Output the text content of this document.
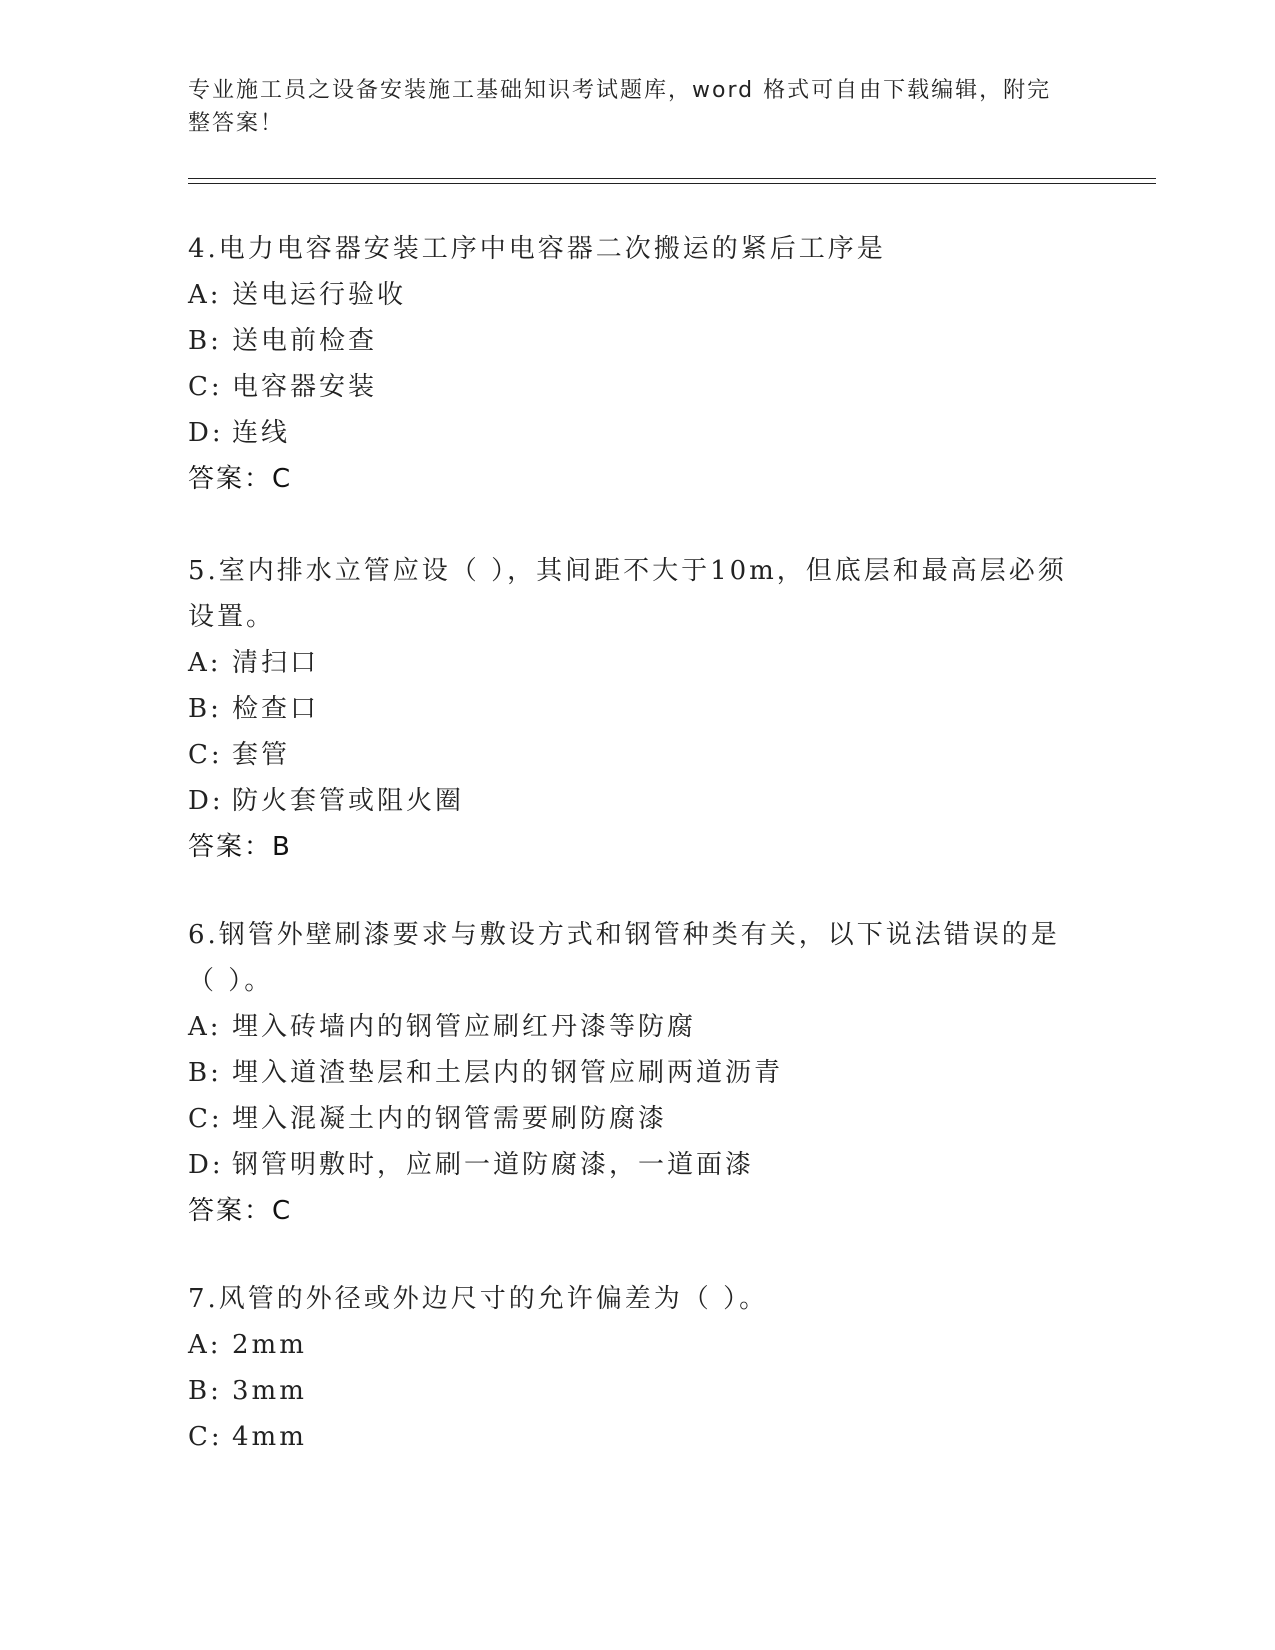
专业施工员之设备安装施工基础知识考试题库，word 格式可自由下载编辑，附完整答案！
4.电力电容器安装工序中电容器二次搬运的紧后工序是
A: 送电运行验收
B: 送电前检查
C: 电容器安装
D: 连线
答案：C
5.室内排水立管应设（ ），其间距不大于10m，但底层和最高层必须设置。
A: 清扫口
B: 检查口
C: 套管
D: 防火套管或阻火圈
答案：B
6.钢管外壁刷漆要求与敷设方式和钢管种类有关，以下说法错误的是（ ）。
A: 埋入砖墙内的钢管应刷红丹漆等防腐
B: 埋入道渣垫层和土层内的钢管应刷两道沥青
C: 埋入混凝土内的钢管需要刷防腐漆
D: 钢管明敷时，应刷一道防腐漆，一道面漆
答案：C
7.风管的外径或外边尺寸的允许偏差为（ ）。
A: 2mm
B: 3mm
C: 4mm
